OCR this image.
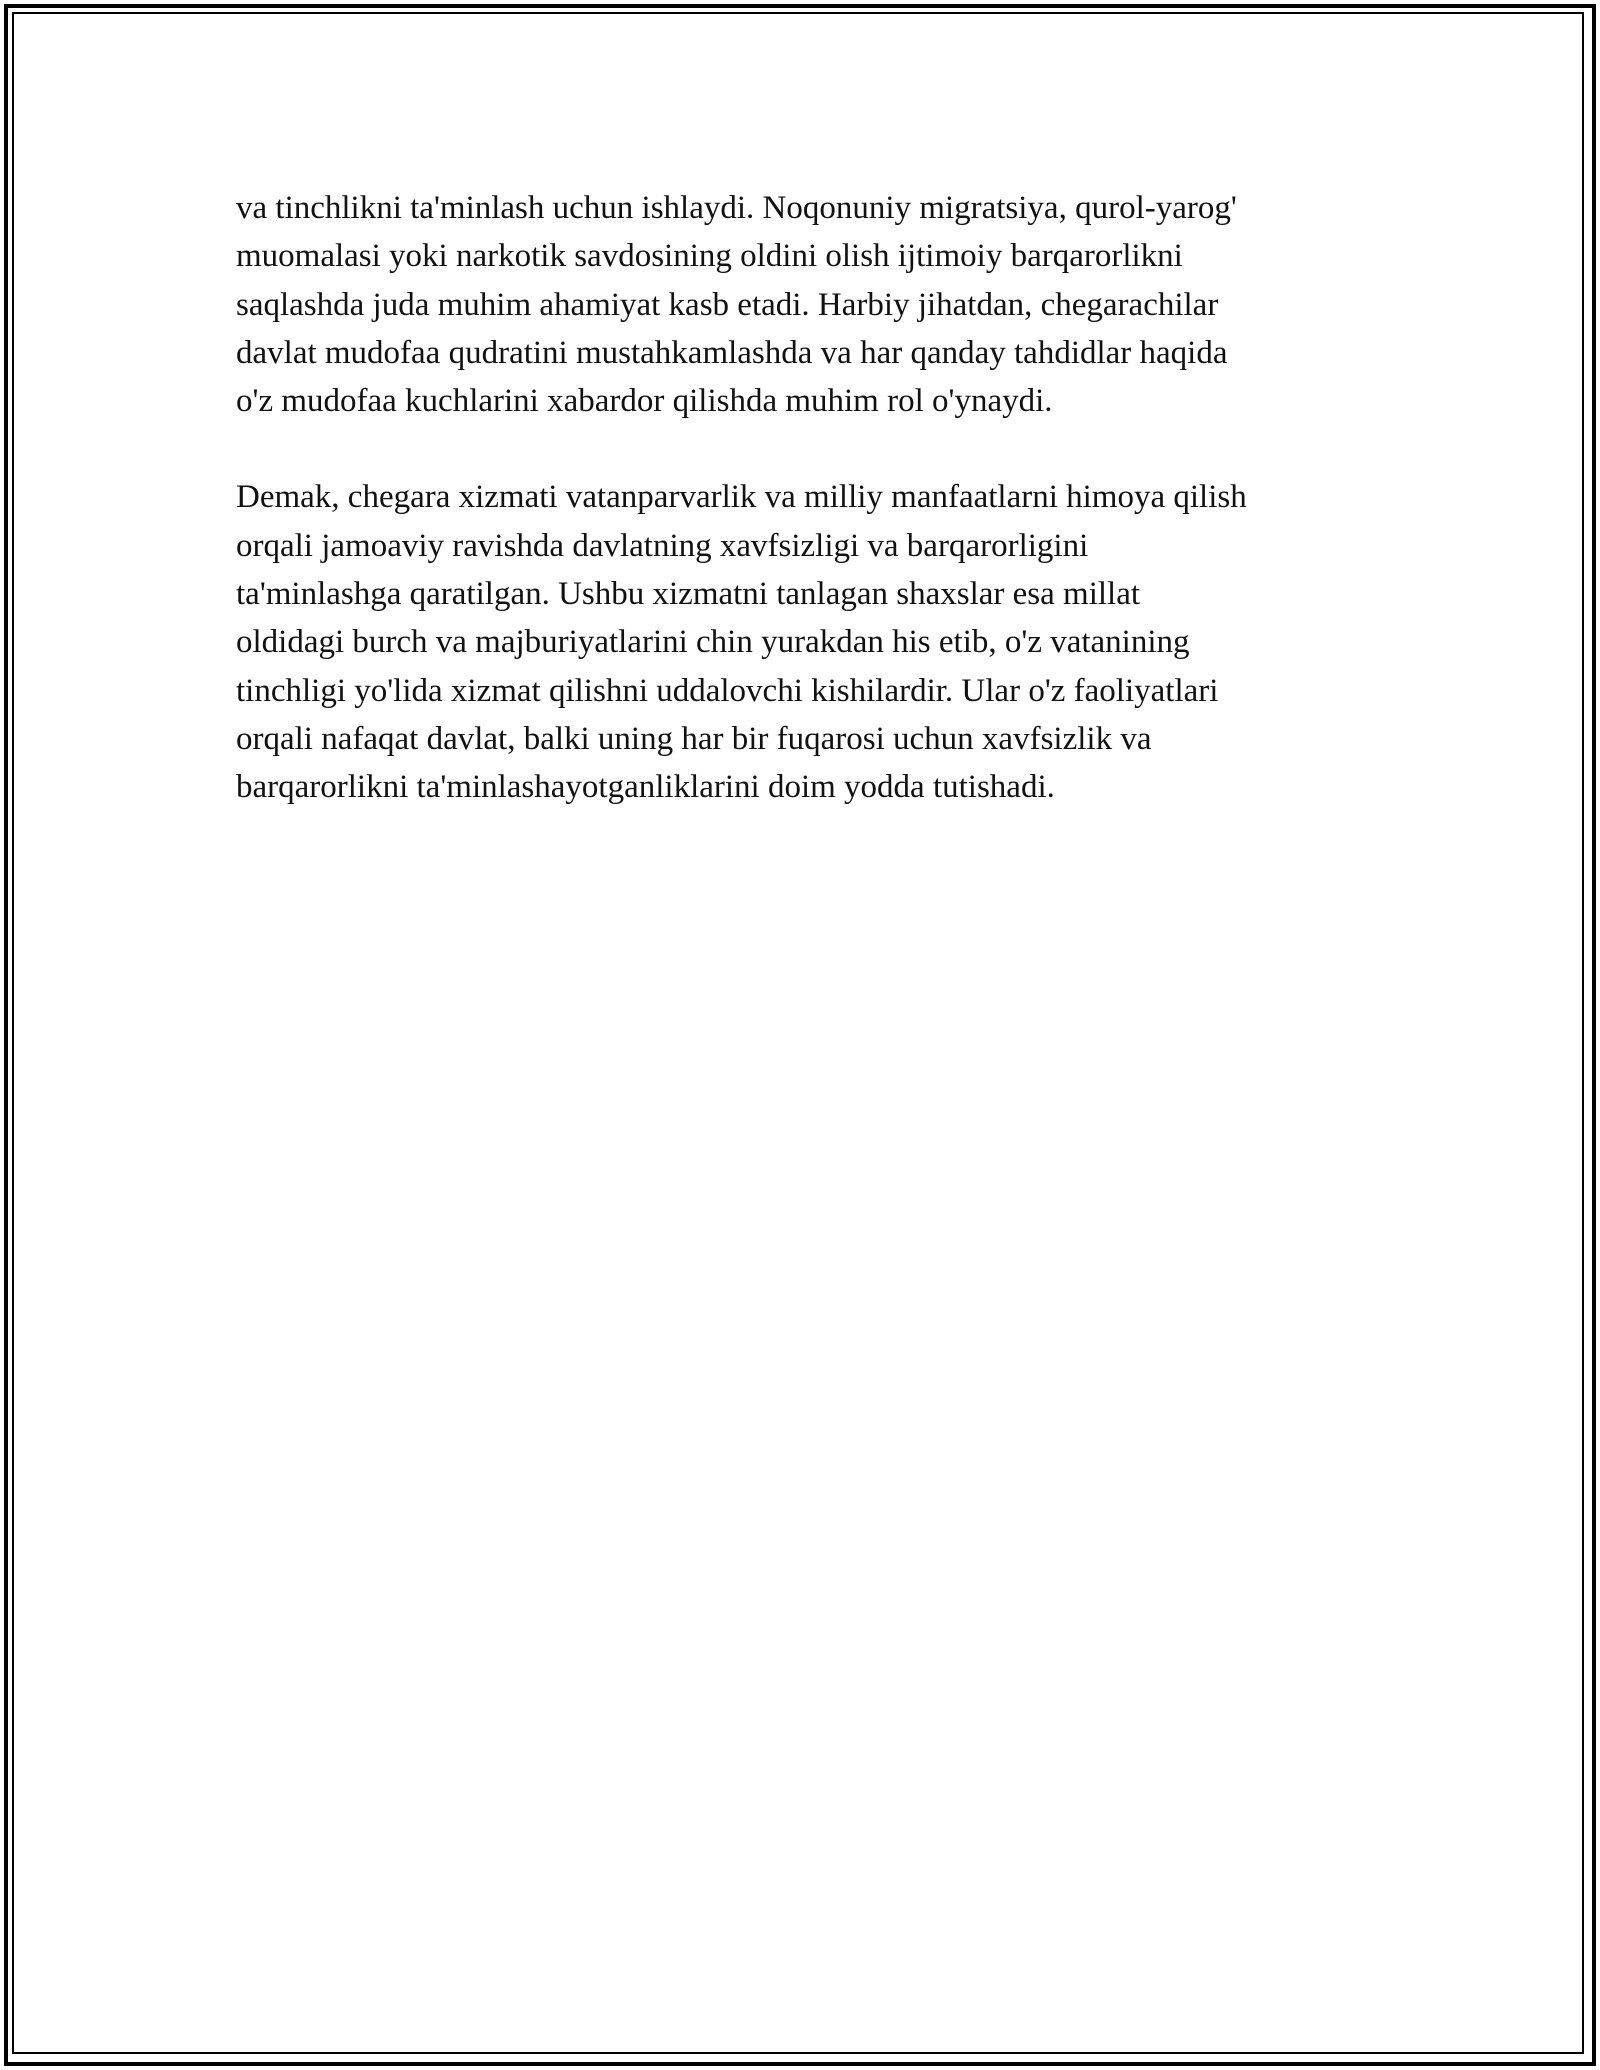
va tinchlikni ta'minlash uchun ishlaydi. Noqonuniy migratsiya, qurol-yarog'
muomalasi yoki narkotik savdosining oldini olish ijtimoiy barqarorlikni
saqlashda juda muhim ahamiyat kasb etadi. Harbiy jihatdan, chegarachilar
davlat mudofaa qudratini mustahkamlashda va har qanday tahdidlar haqida
o'z mudofaa kuchlarini xabardor qilishda muhim rol o'ynaydi.

Demak, chegara xizmati vatanparvarlik va milliy manfaatlarni himoya qilish
orqali jamoaviy ravishda davlatning xavfsizligi va barqarorligini
ta'minlashga qaratilgan. Ushbu xizmatni tanlagan shaxslar esa millat
oldidagi burch va majburiyatlarini chin yurakdan his etib, o'z vatanining
tinchligi yo'lida xizmat qilishni uddalovchi kishilardir. Ular o'z faoliyatlari
orqali nafaqat davlat, balki uning har bir fuqarosi uchun xavfsizlik va
barqarorlikni ta'minlashayotganliklarini doim yodda tutishadi.
